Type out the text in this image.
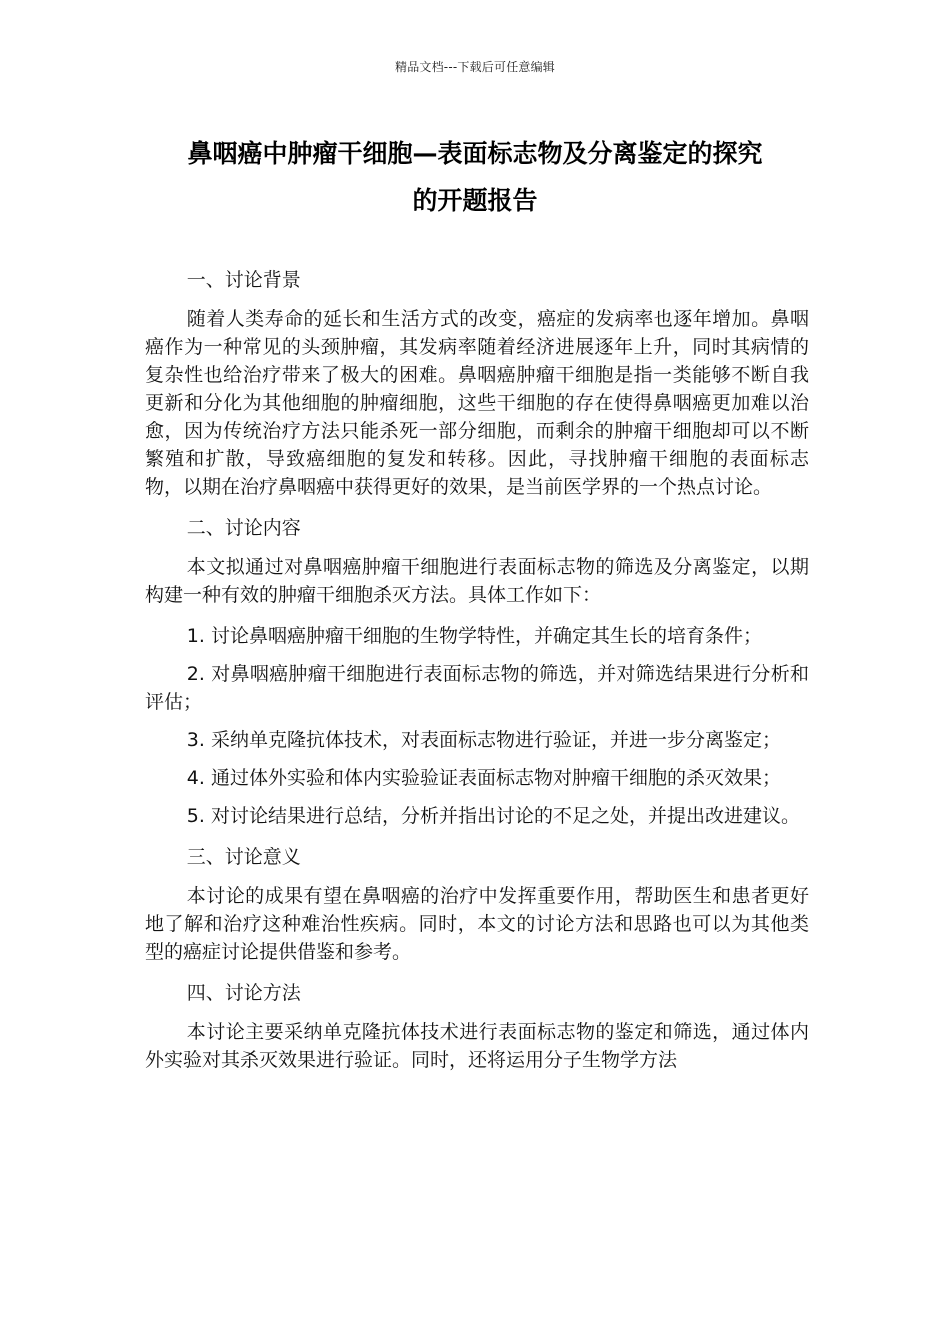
精品文档---下载后可任意编辑
鼻咽癌中肿瘤干细胞—表面标志物及分离鉴定的探究
的开题报告

一、讨论背景

随着人类寿命的延长和生活方式的改变，癌症的发病率也逐年增加。鼻咽癌作为一种常见的头颈肿瘤，其发病率随着经济进展逐年上升，同时其病情的复杂性也给治疗带来了极大的困难。鼻咽癌肿瘤干细胞是指一类能够不断自我更新和分化为其他细胞的肿瘤细胞，这些干细胞的存在使得鼻咽癌更加难以治愈，因为传统治疗方法只能杀死一部分细胞，而剩余的肿瘤干细胞却可以不断繁殖和扩散，导致癌细胞的复发和转移。因此，寻找肿瘤干细胞的表面标志物，以期在治疗鼻咽癌中获得更好的效果，是当前医学界的一个热点讨论。

二、讨论内容

本文拟通过对鼻咽癌肿瘤干细胞进行表面标志物的筛选及分离鉴定，以期构建一种有效的肿瘤干细胞杀灭方法。具体工作如下：

1. 讨论鼻咽癌肿瘤干细胞的生物学特性，并确定其生长的培育条件；

2. 对鼻咽癌肿瘤干细胞进行表面标志物的筛选，并对筛选结果进行分析和评估；

3. 采纳单克隆抗体技术，对表面标志物进行验证，并进一步分离鉴定；

4. 通过体外实验和体内实验验证表面标志物对肿瘤干细胞的杀灭效果；

5. 对讨论结果进行总结，分析并指出讨论的不足之处，并提出改进建议。

三、讨论意义

本讨论的成果有望在鼻咽癌的治疗中发挥重要作用，帮助医生和患者更好地了解和治疗这种难治性疾病。同时，本文的讨论方法和思路也可以为其他类型的癌症讨论提供借鉴和参考。

四、讨论方法

本讨论主要采纳单克隆抗体技术进行表面标志物的鉴定和筛选，通过体内外实验对其杀灭效果进行验证。同时，还将运用分子生物学方法
